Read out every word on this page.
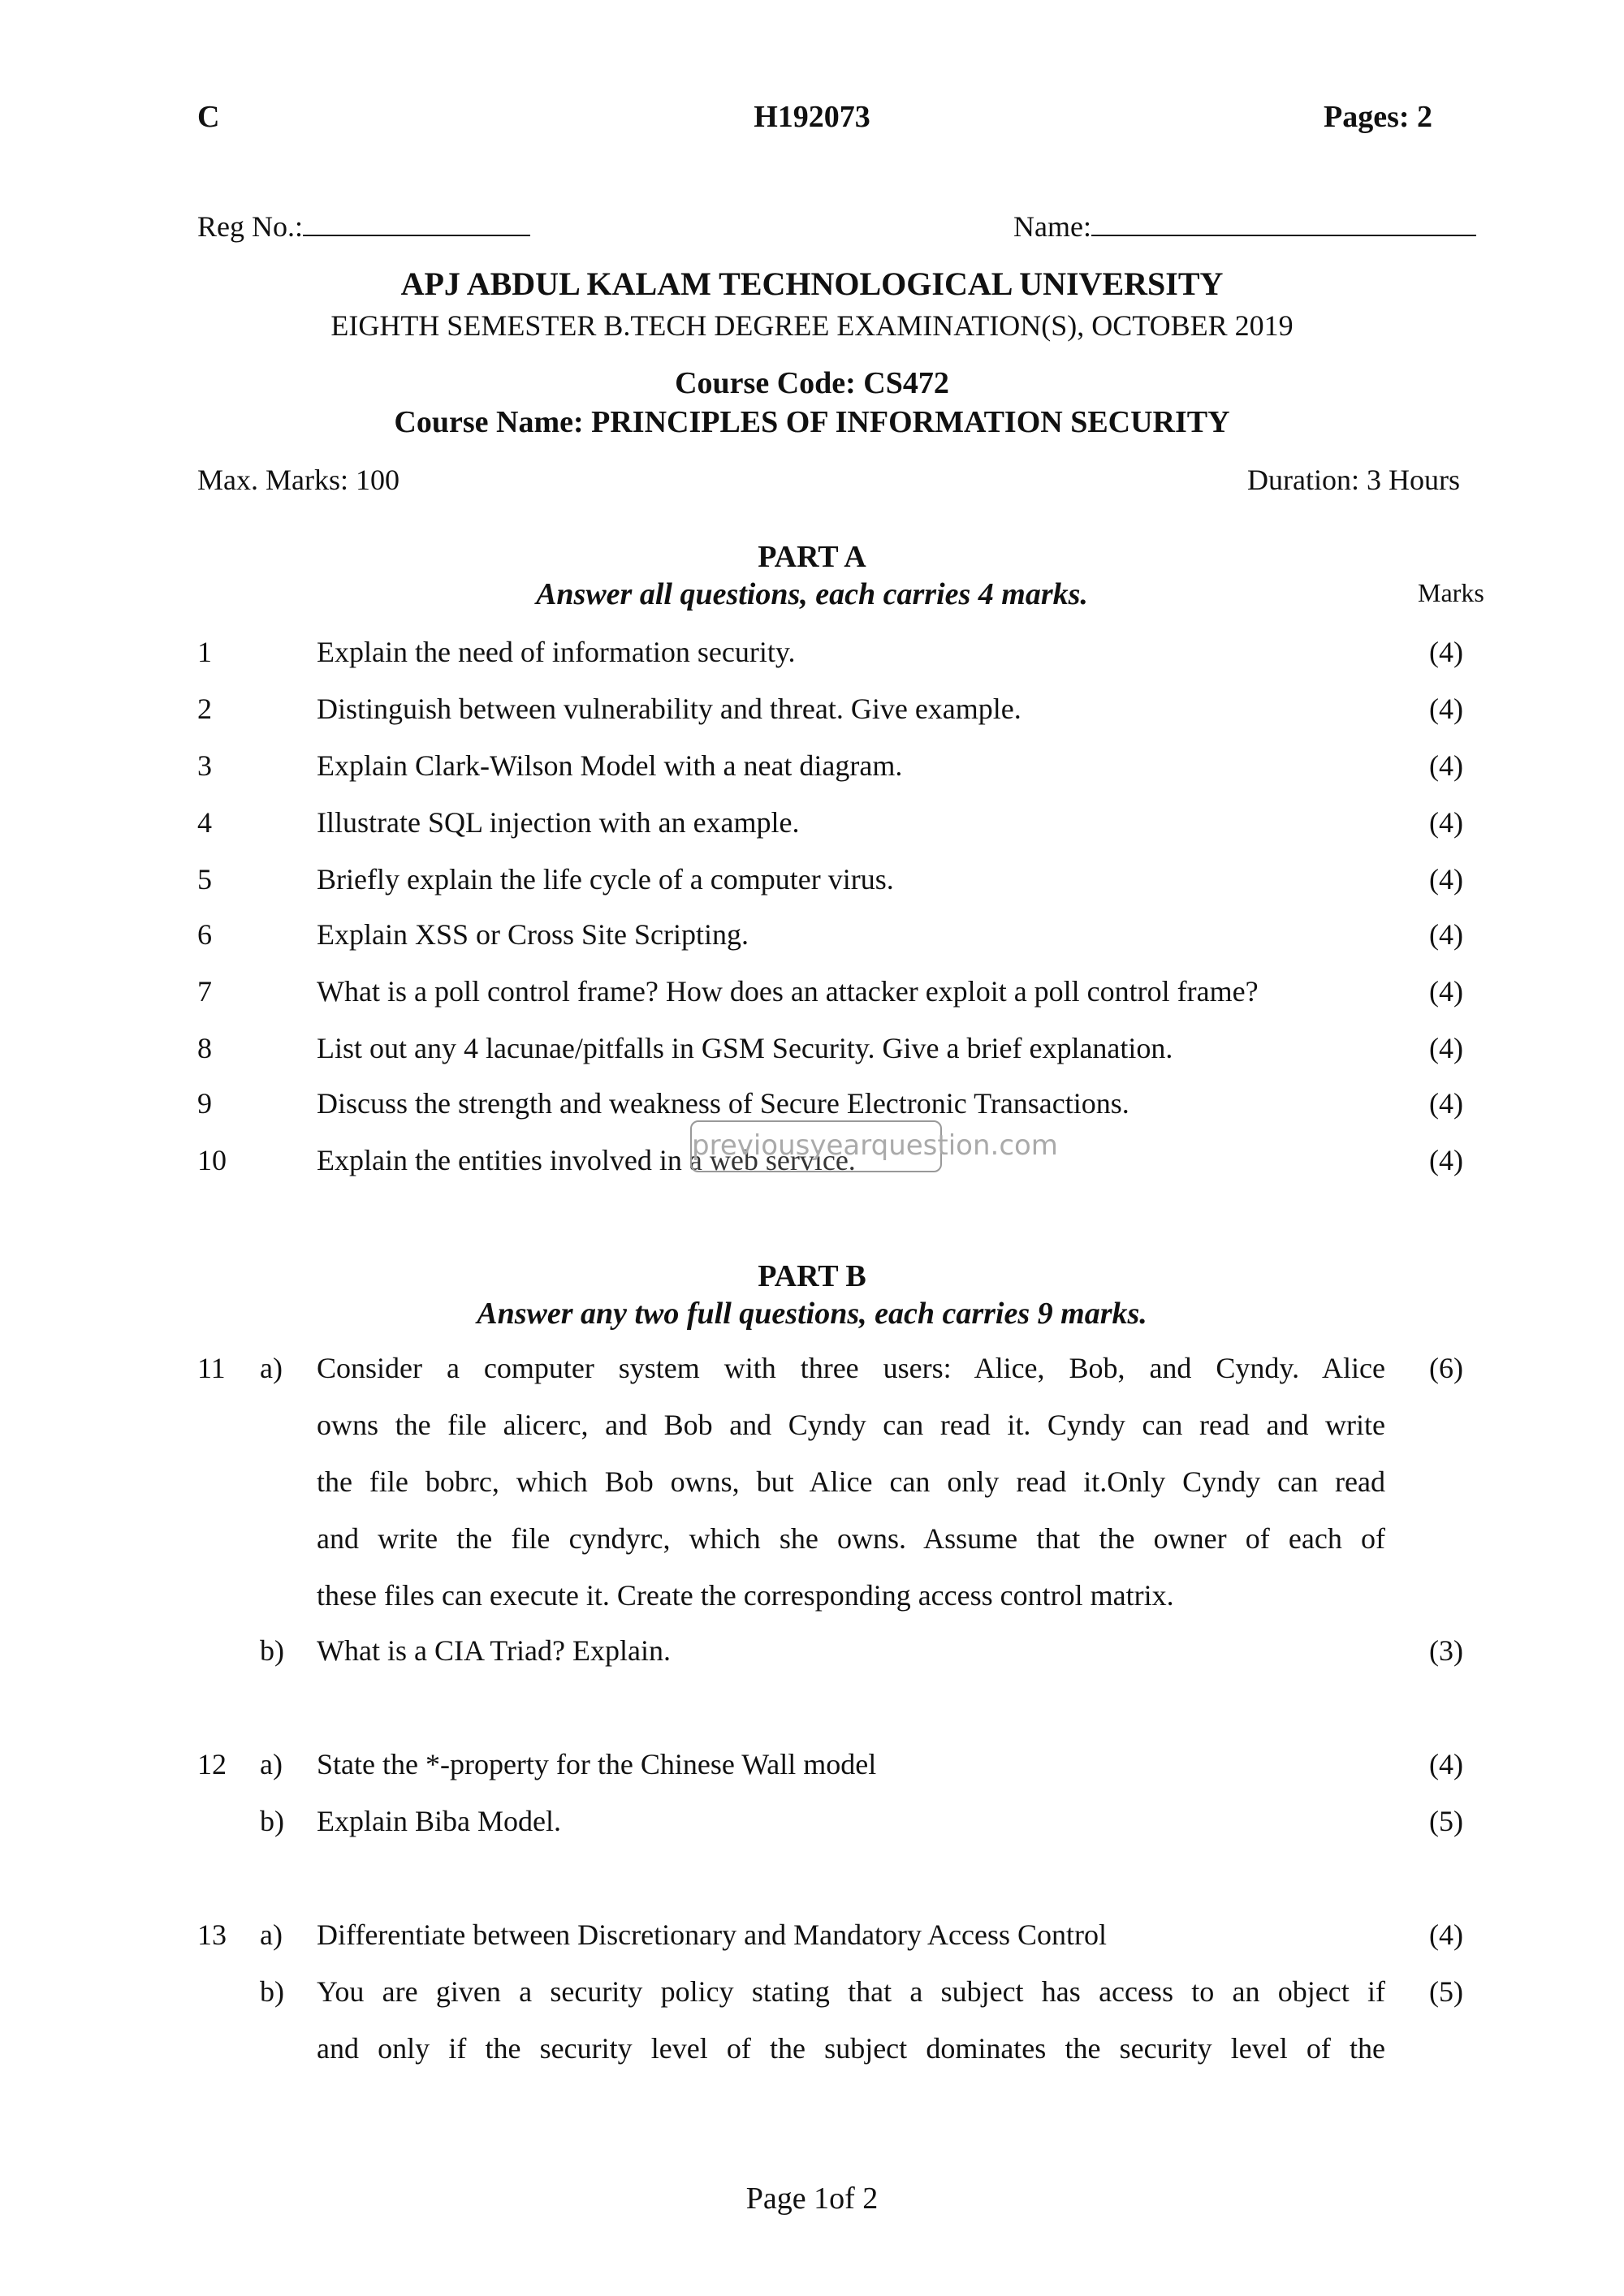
C	H192073	Pages: 2
Reg No.:	Name:
APJ ABDUL KALAM TECHNOLOGICAL UNIVERSITY
EIGHTH SEMESTER B.TECH DEGREE EXAMINATION(S), OCTOBER 2019
Course Code: CS472
Course Name: PRINCIPLES OF INFORMATION SECURITY
Max. Marks: 100	Duration: 3 Hours
PART A
Answer all questions, each carries 4 marks.	Marks
1	Explain the need of information security.	(4)
2	Distinguish between vulnerability and threat. Give example.	(4)
3	Explain Clark-Wilson Model with a neat diagram.	(4)
4	Illustrate SQL injection with an example.	(4)
5	Briefly explain the life cycle of a computer virus.	(4)
6	Explain XSS or Cross Site Scripting.	(4)
7	What is a poll control frame? How does an attacker exploit a poll control frame?	(4)
8	List out any 4 lacunae/pitfalls in GSM Security. Give a brief explanation.	(4)
9	Discuss the strength and weakness of Secure Electronic Transactions.	(4)
10	Explain the entities involved in a web service.	(4)
previousyearquestion.com
PART B
Answer any two full questions, each carries 9 marks.
11 a) Consider a computer system with three users: Alice, Bob, and Cyndy. Alice
owns the file alicerc, and Bob and Cyndy can read it. Cyndy can read and write
the file bobrc, which Bob owns, but Alice can only read it.Only Cyndy can read
and write the file cyndyrc, which she owns. Assume that the owner of each of
these files can execute it. Create the corresponding access control matrix.
(6)
b) What is a CIA Triad? Explain.	(3)
12 a) State the *-property for the Chinese Wall model	(4)
b) Explain Biba Model.	(5)
13 a) Differentiate between Discretionary and Mandatory Access Control	(4)
b) You are given a security policy stating that a subject has access to an object if
and only if the security level of the subject dominates the security level of the
(5)
Page 1of 2
